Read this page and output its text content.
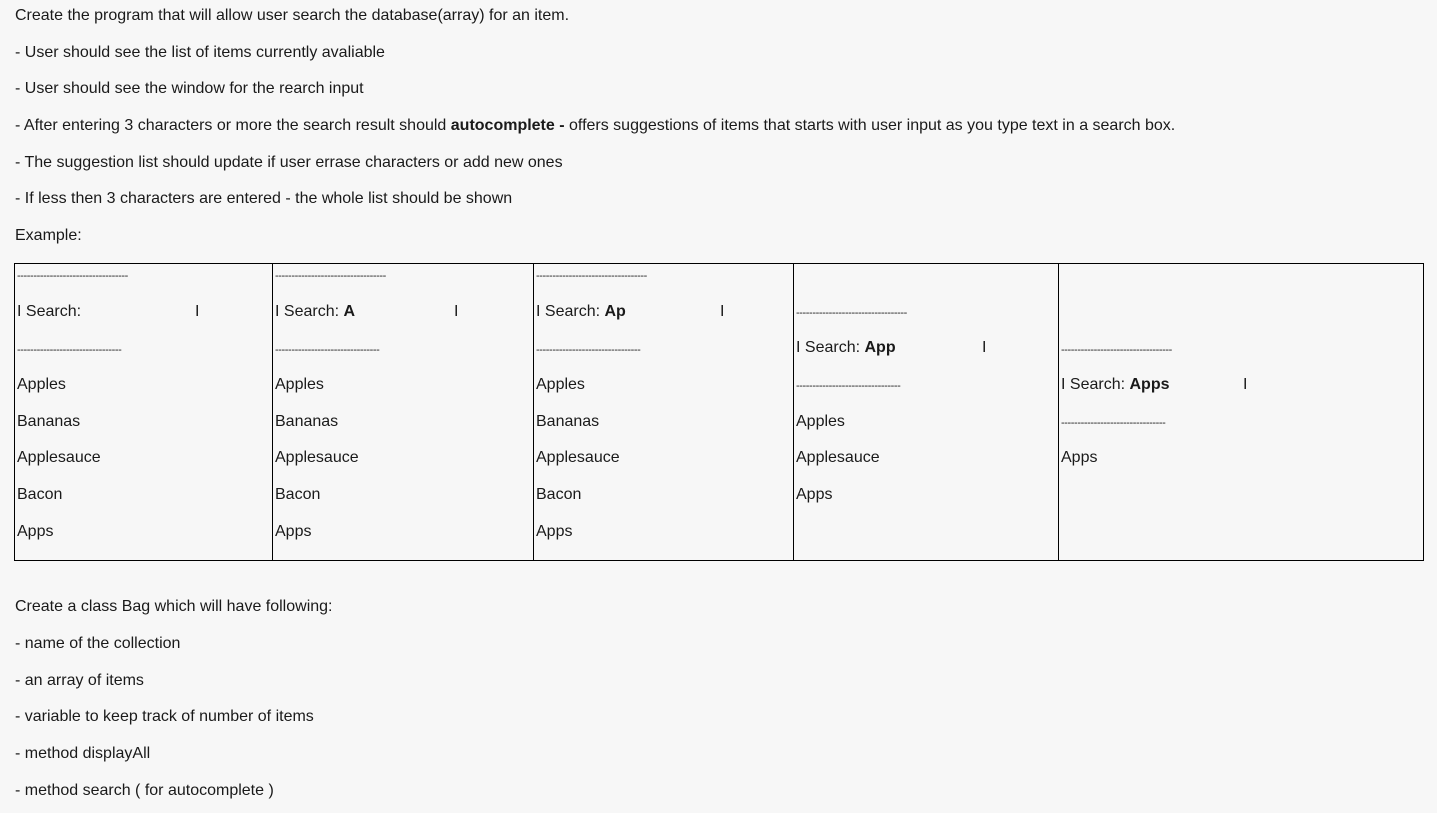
Create the program that will allow user search the database(array) for an item.
- User should see the list of items currently avaliable
- User should see the window for the rearch input
- After entering 3 characters or more the search result should autocomplete - offers suggestions of items that starts with user input as you type text in a search box.
- The suggestion list should update if user errase characters or add new ones
- If less then 3 characters are entered - the whole list should be shown
Example:
----------------------------------
I Search:	I
--------------------------------
Apples
Bananas
Applesauce
Bacon
Apps
----------------------------------
I Search: A	I
--------------------------------
Apples
Bananas
Applesauce
Bacon
Apps
----------------------------------
I Search: Ap	I
--------------------------------
Apples
Bananas
Applesauce
Bacon
Apps
----------------------------------
I Search: App	I
--------------------------------
Apples
Applesauce
Apps
----------------------------------
I Search: Apps	I
--------------------------------
Apps
Create a class Bag which will have following:
- name of the collection
- an array of items
- variable to keep track of number of items
- method displayAll
- method search ( for autocomplete )
